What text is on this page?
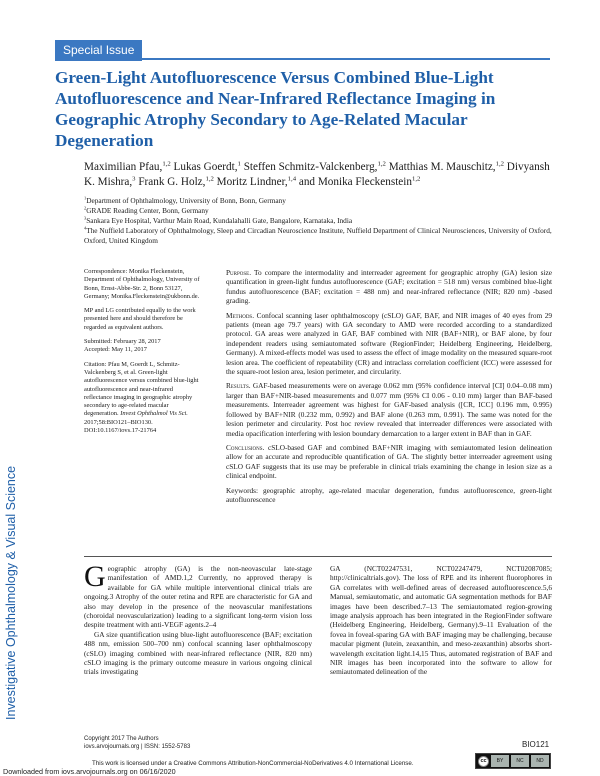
Investigative Ophthalmology & Visual Science
Special Issue
Green-Light Autofluorescence Versus Combined Blue-Light Autofluorescence and Near-Infrared Reflectance Imaging in Geographic Atrophy Secondary to Age-Related Macular Degeneration
Maximilian Pfau,$^{1,2}$ Lukas Goerdt,$^1$ Steffen Schmitz-Valckenberg,$^{1,2}$ Matthias M. Mauschitz,$^{1,2}$ Divyansh K. Mishra,$^3$ Frank G. Holz,$^{1,2}$ Moritz Lindner,$^{1,4}$ and Monika Fleckenstein$^{1,2}$
$^1$Department of Ophthalmology, University of Bonn, Bonn, Germany
$^2$GRADE Reading Center, Bonn, Germany
$^3$Sankara Eye Hospital, Varthur Main Road, Kundalahalli Gate, Bangalore, Karnataka, India
$^4$The Nuffield Laboratory of Ophthalmology, Sleep and Circadian Neuroscience Institute, Nuffield Department of Clinical Neurosciences, University of Oxford, Oxford, United Kingdom

Correspondence: Monika Fleckenstein, Department of Ophthalmology, University of Bonn, Ernst-Abbe-Str. 2, Bonn 53127, Germany; Monika.Fleckenstein@ukbonn.de.

MP and LG contributed equally to the work presented here and should therefore be regarded as equivalent authors.

Submitted: February 28, 2017

Accepted: May 11, 2017

Citation: Pfau M, Goerdt L, Schmitz-Valckenberg S, et al. Green-light autofluorescence versus combined blue-light autofluorescence and near-infrared reflectance imaging in geographic atrophy secondary to age-related macular degeneration. Invest Ophthalmol Vis Sci. 2017;58:BIO121–BIO130. DOI:10.1167/iovs.17-21764

Purpose. To compare the intermodality and interreader agreement for geographic atrophy (GA) lesion size quantification in green-light fundus autofluorescence (GAF; excitation = 518 nm) versus combined blue-light fundus autofluorescence (BAF; excitation = 488 nm) and near-infrared reflectance (NIR; 820 nm) -based grading.

Methods. Confocal scanning laser ophthalmoscopy (cSLO) GAF, BAF, and NIR images of 40 eyes from 29 patients (mean age 79.7 years) with GA secondary to AMD were recorded according to a standardized protocol. GA areas were analyzed in GAF, BAF combined with NIR (BAF+NIR), or BAF alone, by four independent readers using semiautomated software (RegionFinder; Heidelberg Engineering, Heidelberg, Germany). A mixed-effects model was used to assess the effect of image modality on the measured square-root lesion area. The coefficient of repeatability (CR) and intraclass correlation coefficient (ICC) were assessed for the square-root lesion area, lesion perimeter, and circularity.

Results. GAF-based measurements were on average 0.062 mm (95% confidence interval [CI] 0.04–0.08 mm) larger than BAF+NIR-based measurements and 0.077 mm (95% CI 0.06 - 0.10 mm) larger than BAF-based measurements. Interreader agreement was highest for GAF-based analysis ([CR, ICC] 0.196 mm, 0.995) followed by BAF+NIR (0.232 mm, 0.992) and BAF alone (0.263 mm, 0.991). The same was noted for the lesion perimeter and circularity. Post hoc review revealed that interreader differences were associated with media opacification interfering with lesion boundary demarcation to a larger extent in BAF than in GAF.

Conclusions. cSLO-based GAF and combined BAF+NIR imaging with semiautomated lesion delineation allow for an accurate and reproducible quantification of GA. The slightly better interreader agreement using cSLO GAF suggests that its use may be preferable in clinical trials examining the change in lesion size as a clinical endpoint.

Keywords: geographic atrophy, age-related macular degeneration, fundus autofluorescence, green-light autofluorescence

Geographic atrophy (GA) is the non-neovascular late-stage manifestation of AMD.1,2 Currently, no approved therapy is available for GA while multiple interventional clinical trials are ongoing.3 Atrophy of the outer retina and RPE are characteristic for GA and also may develop in the presence of the neovascular manifestations (choroidal neovascularization) leading to a significant long-term vision loss despite treatment with anti-VEGF agents.2–4

GA size quantification using blue-light autofluorescence (BAF; excitation 488 nm, emission 500–700 nm) confocal scanning laser ophthalmoscopy (cSLO) imaging combined with near-infrared reflectance (NIR, 820 nm) cSLO imaging is the primary outcome measure in various ongoing clinical trials investigating

GA (NCT02247531, NCT02247479, NCT02087085; http://clinicaltrials.gov). The loss of RPE and its inherent fluorophores in GA correlates with well-defined areas of decreased autofluorescence.5,6 Manual, semiautomatic, and automatic GA segmentation methods for BAF images have been described.7–13 The semiautomated region-growing image analysis approach has been integrated in the RegionFinder software (Heidelberg Engineering, Heidelberg, Germany).9–11 Evaluation of the fovea in foveal-sparing GA with BAF imaging may be challenging, because macular pigment (lutein, zeaxanthin, and meso-zeaxanthin) absorbs short-wavelength excitation light.14,15 Thus, automated registration of BAF and NIR images has been incorporated into the software to allow for semiautomated delineation of the

Copyright 2017 The Authors
iovs.arvojournals.org | ISSN: 1552-5783	BIO121
This work is licensed under a Creative Commons Attribution-NonCommercial-NoDerivatives 4.0 International License.	cc	BY	NC	ND
Downloaded from iovs.arvojournals.org on 06/16/2020
